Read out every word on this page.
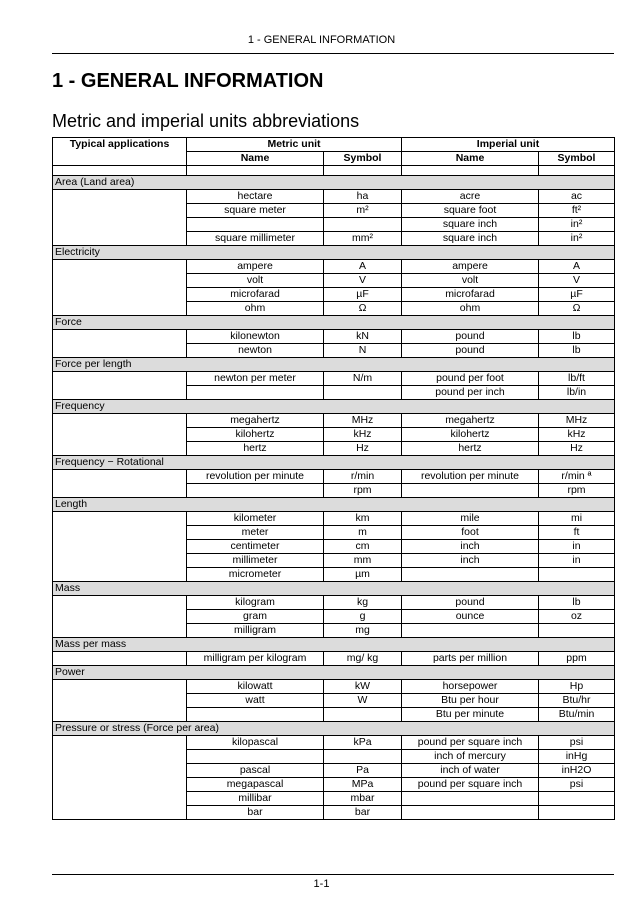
1 - GENERAL INFORMATION
1 - GENERAL INFORMATION
Metric and imperial units abbreviations
Typical applications	Metric unit		Imperial unit	
	Name	Symbol	Name	Symbol

Area (Land area)				
	hectare	ha	acre	ac
	square meter	m²	square foot	ft²
			square inch	in²
	square millimeter	mm²	square inch	in²
Electricity				
	ampere	A	ampere	A
	volt	V	volt	V
	microfarad	µF	microfarad	µF
	ohm	Ω	ohm	Ω
Force				
	kilonewton	kN	pound	lb
	newton	N	pound	lb
Force per length				
	newton per meter	N/m	pound per foot	lb/ft
			pound per inch	lb/in
Frequency				
	megahertz	MHz	megahertz	MHz
	kilohertz	kHz	kilohertz	kHz
	hertz	Hz	hertz	Hz
Frequency − Rotational				
	revolution per minute	r/min	revolution per minute	r/min ª
		rpm		rpm
Length				
	kilometer	km	mile	mi
	meter	m	foot	ft
	centimeter	cm	inch	in
	millimeter	mm	inch	in
	micrometer	µm		
Mass				
	kilogram	kg	pound	lb
	gram	g	ounce	oz
	milligram	mg		
Mass per mass				
	milligram per kilogram	mg/ kg	parts per million	ppm
Power				
	kilowatt	kW	horsepower	Hp
	watt	W	Btu per hour	Btu/hr
			Btu per minute	Btu/min
Pressure or stress (Force per area)				
	kilopascal	kPa	pound per square inch	psi
			inch of mercury	inHg
	pascal	Pa	inch of water	inH2O
	megapascal	MPa	pound per square inch	psi
	millibar	mbar		
	bar	bar		
1-1
